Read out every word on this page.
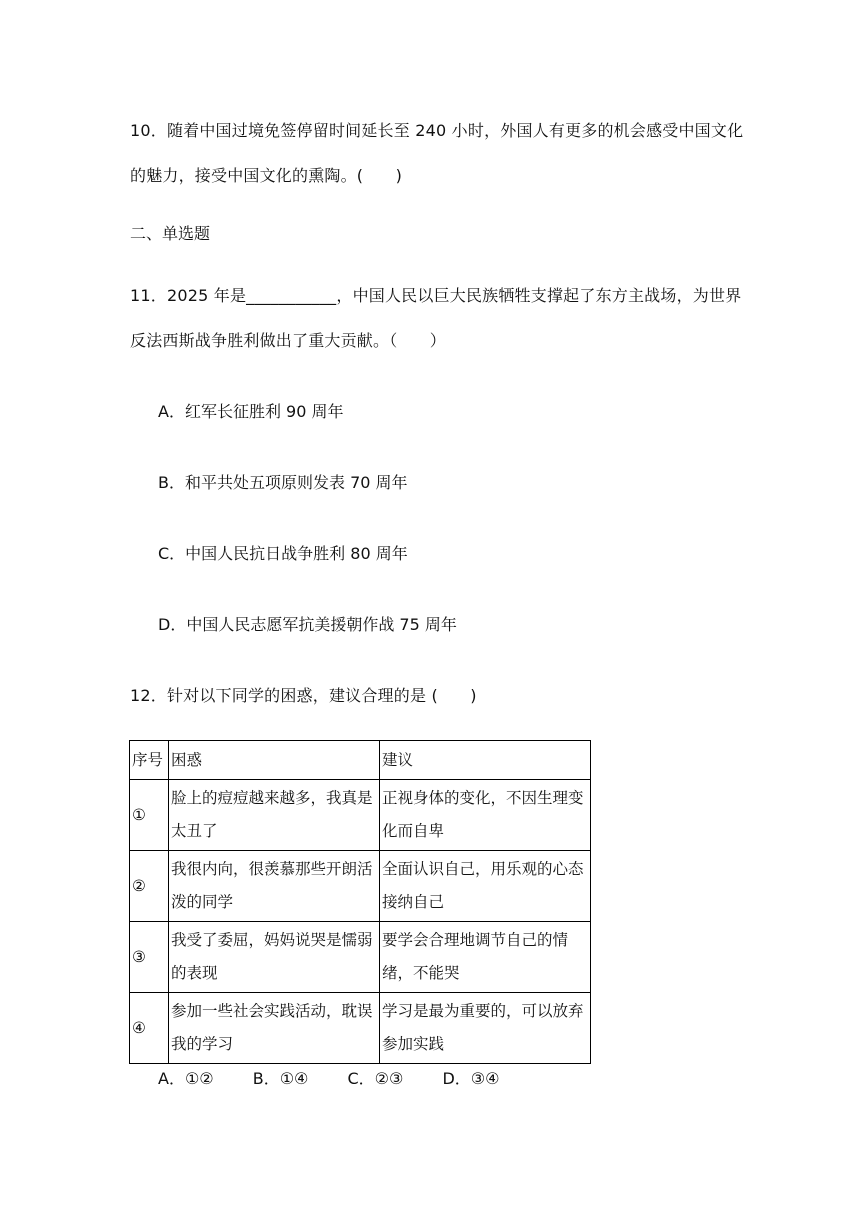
10．随着中国过境免签停留时间延长至 240 小时，外国人有更多的机会感受中国文化
的魅力，接受中国文化的熏陶。(　　)
二、单选题
11．2025 年是___________，中国人民以巨大民族牺牲支撑起了东方主战场，为世界
反法西斯战争胜利做出了重大贡献。（　　）
A．红军长征胜利 90 周年
B．和平共处五项原则发表 70 周年
C．中国人民抗日战争胜利 80 周年
D．中国人民志愿军抗美援朝作战 75 周年
12．针对以下同学的困惑，建议合理的是 (　　)
序号	困惑	建议
①	脸上的痘痘越来越多，我真是太丑了	正视身体的变化，不因生理变化而自卑
②	我很内向，很羡慕那些开朗活泼的同学	全面认识自己，用乐观的心态接纳自己
③	我受了委屈，妈妈说哭是懦弱的表现	要学会合理地调节自己的情绪，不能哭
④	参加一些社会实践活动，耽误我的学习	学习是最为重要的，可以放弃参加实践
A．①② B．①④ C．②③ D．③④
